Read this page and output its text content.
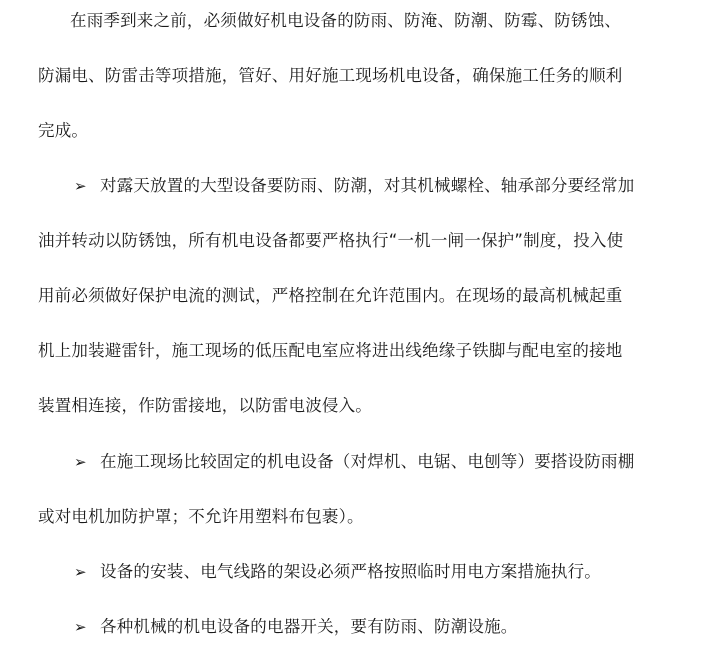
在雨季到来之前，必须做好机电设备的防雨、防淹、防潮、防霉、防锈蚀、
防漏电、防雷击等项措施，管好、用好施工现场机电设备，确保施工任务的顺利
完成。
➢ 对露天放置的大型设备要防雨、防潮，对其机械螺栓、轴承部分要经常加
油并转动以防锈蚀，所有机电设备都要严格执行“一机一闸一保护”制度，投入使
用前必须做好保护电流的测试，严格控制在允许范围内。在现场的最高机械起重
机上加装避雷针，施工现场的低压配电室应将进出线绝缘子铁脚与配电室的接地
装置相连接，作防雷接地，以防雷电波侵入。
➢ 在施工现场比较固定的机电设备（对焊机、电锯、电刨等）要搭设防雨棚
或对电机加防护罩；不允许用塑料布包裹）。
➢ 设备的安装、电气线路的架设必须严格按照临时用电方案措施执行。
➢ 各种机械的机电设备的电器开关，要有防雨、防潮设施。
